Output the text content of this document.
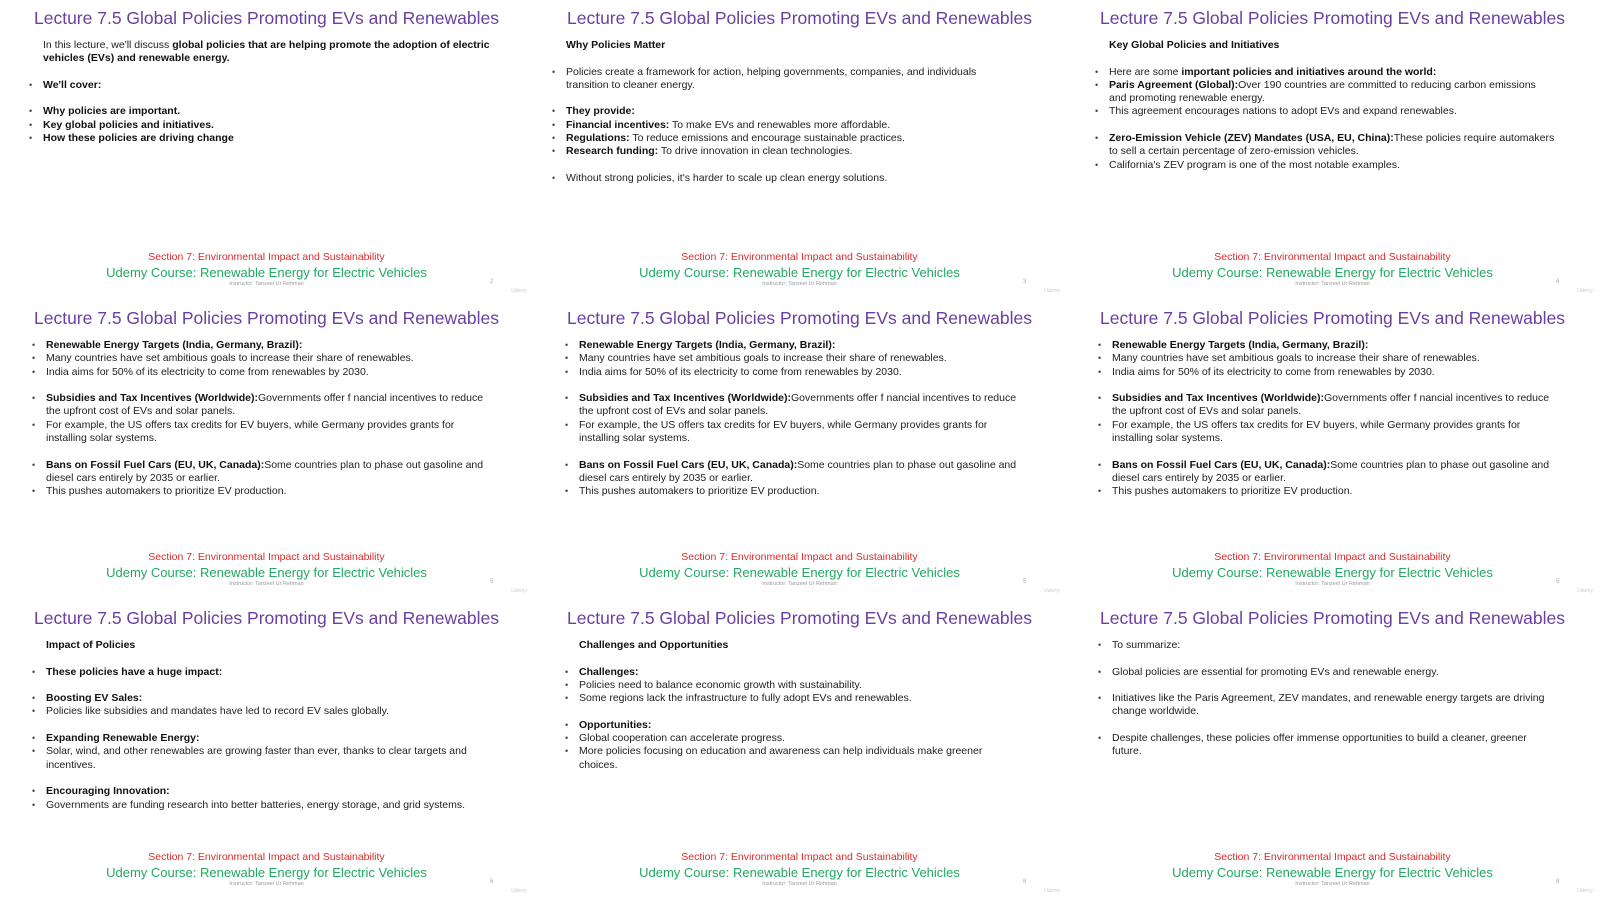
Lecture 7.5 Global Policies Promoting EVs and Renewables
In this lecture, we'll discuss global policies that are helping promote the adoption of electric
vehicles (EVs) and renewable energy.
• We'll cover:
• Why policies are important.
• Key global policies and initiatives.
• How these policies are driving change
Section 7: Environmental Impact and Sustainability
Udemy Course: Renewable Energy for Electric Vehicles
Instructor: Tanzeel Ur Rehman	2
Udemy
Lecture 7.5 Global Policies Promoting EVs and Renewables
Why Policies Matter
• Policies create a framework for action, helping governments, companies, and individuals
transition to cleaner energy.
• They provide:
• Financial incentives: To make EVs and renewables more affordable.
• Regulations: To reduce emissions and encourage sustainable practices.
• Research funding: To drive innovation in clean technologies.
• Without strong policies, it's harder to scale up clean energy solutions.
Section 7: Environmental Impact and Sustainability
Udemy Course: Renewable Energy for Electric Vehicles
Instructor: Tanzeel Ur Rehman	3
Udemy
Lecture 7.5 Global Policies Promoting EVs and Renewables
Key Global Policies and Initiatives
• Here are some important policies and initiatives around the world:
• Paris Agreement (Global):Over 190 countries are committed to reducing carbon emissions
and promoting renewable energy.
• This agreement encourages nations to adopt EVs and expand renewables.
• Zero-Emission Vehicle (ZEV) Mandates (USA, EU, China):These policies require automakers
to sell a certain percentage of zero-emission vehicles.
• California's ZEV program is one of the most notable examples.
Section 7: Environmental Impact and Sustainability
Udemy Course: Renewable Energy for Electric Vehicles
Instructor: Tanzeel Ur Rehman	4
Udemy
Lecture 7.5 Global Policies Promoting EVs and Renewables
• Renewable Energy Targets (India, Germany, Brazil):
• Many countries have set ambitious goals to increase their share of renewables.
• India aims for 50% of its electricity to come from renewables by 2030.
• Subsidies and Tax Incentives (Worldwide):Governments offer f nancial incentives to reduce
the upfront cost of EVs and solar panels.
• For example, the US offers tax credits for EV buyers, while Germany provides grants for
installing solar systems.
• Bans on Fossil Fuel Cars (EU, UK, Canada):Some countries plan to phase out gasoline and
diesel cars entirely by 2035 or earlier.
• This pushes automakers to prioritize EV production.
Section 7: Environmental Impact and Sustainability
Udemy Course: Renewable Energy for Electric Vehicles
Instructor: Tanzeel Ur Rehman	5
Udemy
Lecture 7.5 Global Policies Promoting EVs and Renewables
• Renewable Energy Targets (India, Germany, Brazil):
• Many countries have set ambitious goals to increase their share of renewables.
• India aims for 50% of its electricity to come from renewables by 2030.
• Subsidies and Tax Incentives (Worldwide):Governments offer f nancial incentives to reduce
the upfront cost of EVs and solar panels.
• For example, the US offers tax credits for EV buyers, while Germany provides grants for
installing solar systems.
• Bans on Fossil Fuel Cars (EU, UK, Canada):Some countries plan to phase out gasoline and
diesel cars entirely by 2035 or earlier.
• This pushes automakers to prioritize EV production.
Section 7: Environmental Impact and Sustainability
Udemy Course: Renewable Energy for Electric Vehicles
Instructor: Tanzeel Ur Rehman	5
Udemy
Lecture 7.5 Global Policies Promoting EVs and Renewables
• Renewable Energy Targets (India, Germany, Brazil):
• Many countries have set ambitious goals to increase their share of renewables.
• India aims for 50% of its electricity to come from renewables by 2030.
• Subsidies and Tax Incentives (Worldwide):Governments offer f nancial incentives to reduce
the upfront cost of EVs and solar panels.
• For example, the US offers tax credits for EV buyers, while Germany provides grants for
installing solar systems.
• Bans on Fossil Fuel Cars (EU, UK, Canada):Some countries plan to phase out gasoline and
diesel cars entirely by 2035 or earlier.
• This pushes automakers to prioritize EV production.
Section 7: Environmental Impact and Sustainability
Udemy Course: Renewable Energy for Electric Vehicles
Instructor: Tanzeel Ur Rehman	5
Udemy
Lecture 7.5 Global Policies Promoting EVs and Renewables
Impact of Policies
• These policies have a huge impact:
• Boosting EV Sales:
• Policies like subsidies and mandates have led to record EV sales globally.
• Expanding Renewable Energy:
• Solar, wind, and other renewables are growing faster than ever, thanks to clear targets and
incentives.
• Encouraging Innovation:
• Governments are funding research into better batteries, energy storage, and grid systems.
Section 7: Environmental Impact and Sustainability
Udemy Course: Renewable Energy for Electric Vehicles
Instructor: Tanzeel Ur Rehman	6
Udemy
Lecture 7.5 Global Policies Promoting EVs and Renewables
Challenges and Opportunities
• Challenges:
• Policies need to balance economic growth with sustainability.
• Some regions lack the infrastructure to fully adopt EVs and renewables.
• Opportunities:
• Global cooperation can accelerate progress.
• More policies focusing on education and awareness can help individuals make greener
choices.
Section 7: Environmental Impact and Sustainability
Udemy Course: Renewable Energy for Electric Vehicles
Instructor: Tanzeel Ur Rehman	8
Udemy
Lecture 7.5 Global Policies Promoting EVs and Renewables
• To summarize:
• Global policies are essential for promoting EVs and renewable energy.
• Initiatives like the Paris Agreement, ZEV mandates, and renewable energy targets are driving
change worldwide.
• Despite challenges, these policies offer immense opportunities to build a cleaner, greener
future.
Section 7: Environmental Impact and Sustainability
Udemy Course: Renewable Energy for Electric Vehicles
Instructor: Tanzeel Ur Rehman	9
Udemy
